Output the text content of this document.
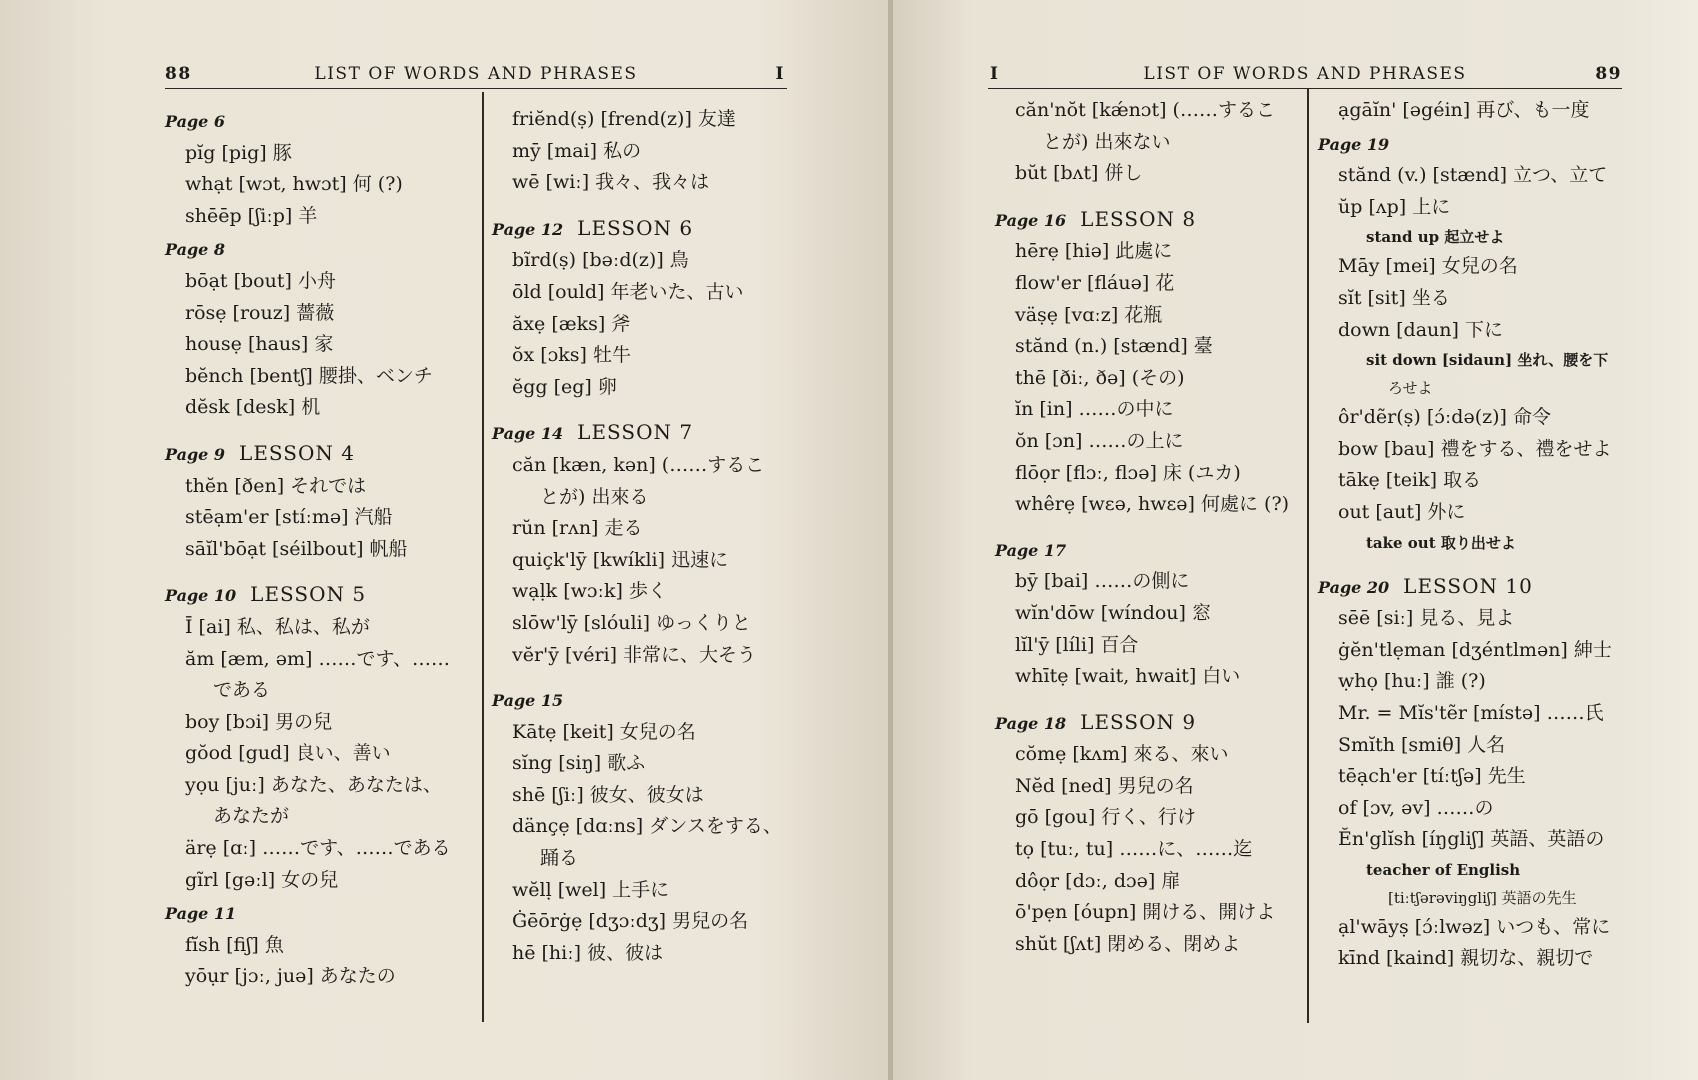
88	LIST OF WORDS AND PHRASES	I
Page 6
pĭg [pig] 豚
whạt [wɔt, hwɔt] 何 (?)
shēēp [ʃiːp] 羊
Page 8
bōạt [bout] 小舟
rōsẹ [rouz] 薔薇
housẹ [haus] 家
bĕnch [bentʃ] 腰掛、ベンチ
dĕsk [desk] 机
Page 9 LESSON 4
thĕn [ðen] それでは
stēạm'er [stíːmə] 汽船
sāĭl'bōạt [séilbout] 帆船
Page 10 LESSON 5
Ī [ai] 私、私は、私が
ăm [æm, əm] ……です、……
である
boy [bɔi] 男の兒
gŏod [gud] 良い、善い
yọu [juː] あなた、あなたは、
あなたが
ärẹ [ɑː] ……です、……である
gĩrl [gəːl] 女の兒
Page 11
fĭsh [fiʃ] 魚
yōụr [jɔː, juə] あなたの
friĕnd(ṣ) [frend(z)] 友達
mȳ [mai] 私の
wē [wiː] 我々、我々は
Page 12 LESSON 6
bĩrd(ṣ) [bəːd(z)] 鳥
ōld [ould] 年老いた、古い
ăxẹ [æks] 斧
ŏx [ɔks] 牡牛
ĕgg [eg] 卵
Page 14 LESSON 7
căn [kæn, kən] (……するこ
とが) 出來る
rŭn [rʌn] 走る
quiçk'lȳ [kwíkli] 迅速に
wạḷk [wɔːk] 歩く
slōw'lȳ [slóuli] ゆっくりと
vĕr'ȳ [véri] 非常に、大そう
Page 15
Kātẹ [keit] 女兒の名
sĭng [siŋ] 歌ふ
shē [ʃiː] 彼女、彼女は
dänçẹ [dɑːns] ダンスをする、
踊る
wĕlḷ [wel] 上手に
Ġēōrġẹ [dʒɔːdʒ] 男兒の名
hē [hiː] 彼、彼は
I	LIST OF WORDS AND PHRASES	89
căn'nŏt [kǽnɔt] (……するこ
とが) 出來ない
bŭt [bʌt] 併し
Page 16 LESSON 8
hērẹ [hiə] 此處に
flow'er [fláuə] 花
väṣẹ [vɑːz] 花瓶
stănd (n.) [stænd] 臺
thē [ðiː, ðə] (その)
ĭn [in] ……の中に
ŏn [ɔn] ……の上に
flōọr [flɔː, flɔə] 床 (ユカ)
whêrẹ [wɛə, hwɛə] 何處に (?)
Page 17
bȳ [bai] ……の側に
wĭn'dōw [wíndou] 窓
lĭl'ȳ [líli] 百合
whītẹ [wait, hwait] 白い
Page 18 LESSON 9
cŏmẹ [kʌm] 來る、來い
Nĕd [ned] 男兒の名
gō [gou] 行く、行け
tọ [tuː, tu] ……に、……迄
dôọr [dɔː, dɔə] 扉
ō'pẹn [óupn] 開ける、開けよ
shŭt [ʃʌt] 閉める、閉めよ
ạgāĭn' [əgéin] 再び、も一度
Page 19
stănd (v.) [stænd] 立つ、立て
ŭp [ʌp] 上に
stand up 起立せよ
Māy [mei] 女兒の名
sĭt [sit] 坐る
down [daun] 下に
sit down [sidaun] 坐れ、腰を下
ろせよ
ôr'dẽr(ṣ) [ɔ́ːdə(z)] 命令
bow [bau] 禮をする、禮をせよ
tākẹ [teik] 取る
out [aut] 外に
take out 取り出せよ
Page 20 LESSON 10
sēē [siː] 見る、見よ
ġĕn'tlẹman [dʒéntlmən] 紳士
ẉhọ [huː] 誰 (?)
Mr. = Mĭs'tẽr [místə] ……氏
Smĭth [smiθ] 人名
tēạch'er [tíːtʃə] 先生
of [ɔv, əv] ……の
Ĕn'glĭsh [íŋgliʃ] 英語、英語の
teacher of English
[tiːtʃərəviŋgliʃ] 英語の先生
ạl'wāyṣ [ɔ́ːlwəz] いつも、常に
kīnd [kaind] 親切な、親切で
